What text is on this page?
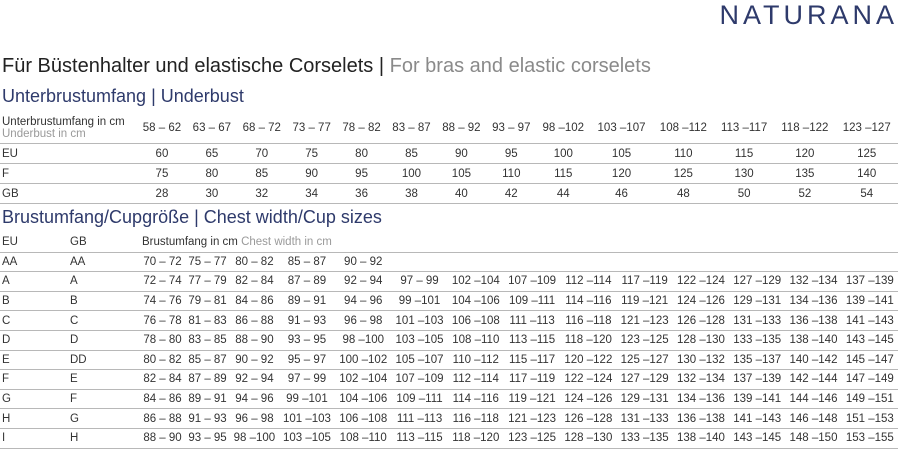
NATURANA
Für Büstenhalter und elastische Corselets | For bras and elastic corselets
Unterbrustumfang | Underbust
Unterbrustumfang in cm
Underbust in cm	58 – 62	63 – 67	68 – 72	73 – 77	78 – 82	83 – 87	88 – 92	93 – 97	98 –102	103 –107	108 –112	113 –117	118 –122	123 –127
EU	60	65	70	75	80	85	90	95	100	105	110	115	120	125
F	75	80	85	90	95	100	105	110	115	120	125	130	135	140
GB	28	30	32	34	36	38	40	42	44	46	48	50	52	54
Brustumfang/Cupgröße | Chest width/Cup sizes
EU	GB	Brustumfang in cm Chest width in cm													
AA	AA	70 – 72	75 – 77	80 – 82	85 – 87	90 – 92									
A	A	72 – 74	77 – 79	82 – 84	87 – 89	92 – 94	97 – 99	102 –104	107 –109	112 –114	117 –119	122 –124	127 –129	132 –134	137 –139
B	B	74 – 76	79 – 81	84 – 86	89 – 91	94 – 96	99 –101	104 –106	109 –111	114 –116	119 –121	124 –126	129 –131	134 –136	139 –141
C	C	76 – 78	81 – 83	86 – 88	91 – 93	96 – 98	101 –103	106 –108	111 –113	116 –118	121 –123	126 –128	131 –133	136 –138	141 –143
D	D	78 – 80	83 – 85	88 – 90	93 – 95	98 –100	103 –105	108 –110	113 –115	118 –120	123 –125	128 –130	133 –135	138 –140	143 –145
E	DD	80 – 82	85 – 87	90 – 92	95 – 97	100 –102	105 –107	110 –112	115 –117	120 –122	125 –127	130 –132	135 –137	140 –142	145 –147
F	E	82 – 84	87 – 89	92 – 94	97 – 99	102 –104	107 –109	112 –114	117 –119	122 –124	127 –129	132 –134	137 –139	142 –144	147 –149
G	F	84 – 86	89 – 91	94 – 96	99 –101	104 –106	109 –111	114 –116	119 –121	124 –126	129 –131	134 –136	139 –141	144 –146	149 –151
H	G	86 – 88	91 – 93	96 – 98	101 –103	106 –108	111 –113	116 –118	121 –123	126 –128	131 –133	136 –138	141 –143	146 –148	151 –153
I	H	88 – 90	93 – 95	98 –100	103 –105	108 –110	113 –115	118 –120	123 –125	128 –130	133 –135	138 –140	143 –145	148 –150	153 –155
